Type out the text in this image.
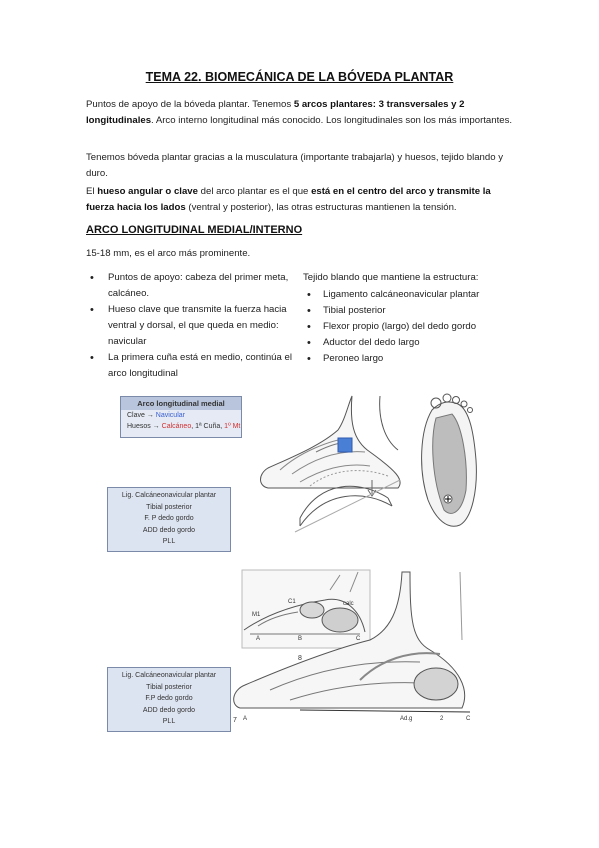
TEMA 22. BIOMECÁNICA DE LA BÓVEDA PLANTAR
Puntos de apoyo de la bóveda plantar. Tenemos 5 arcos plantares: 3 transversales y 2 longitudinales. Arco interno longitudinal más conocido. Los longitudinales son los más importantes.
Tenemos bóveda plantar gracias a la musculatura (importante trabajarla) y huesos, tejido blando y duro.
El hueso angular o clave del arco plantar es el que está en el centro del arco y transmite la fuerza hacia los lados (ventral y posterior), las otras estructuras mantienen la tensión.
ARCO LONGITUDINAL MEDIAL/INTERNO
15-18 mm, es el arco más prominente.
• Puntos de apoyo: cabeza del primer meta, calcáneo.
• Hueso clave que transmite la fuerza hacia ventral y dorsal, el que queda en medio: navicular
• La primera cuña está en medio, continúa el arco longitudinal
Tejido blando que mantiene la estructura:
• Ligamento calcáneonavicular plantar
• Tibial posterior
• Flexor propio (largo) del dedo gordo
• Aductor del dedo largo
• Peroneo largo
Arco longitudinal medial
Clave → Navicular
Huesos → Calcáneo, 1ª Cuña, 1º Mt
Lig. Calcáneonavicular plantar
Tibial posterior
F. P dedo gordo
ADD dedo gordo
PLL
Lig. Calcáneonavicular plantar
Tibial posterior
F.P dedo gordo
ADD dedo gordo
PLL
A	B	C
M1
C1	calc
8
7	Ad.g	2	C
A
